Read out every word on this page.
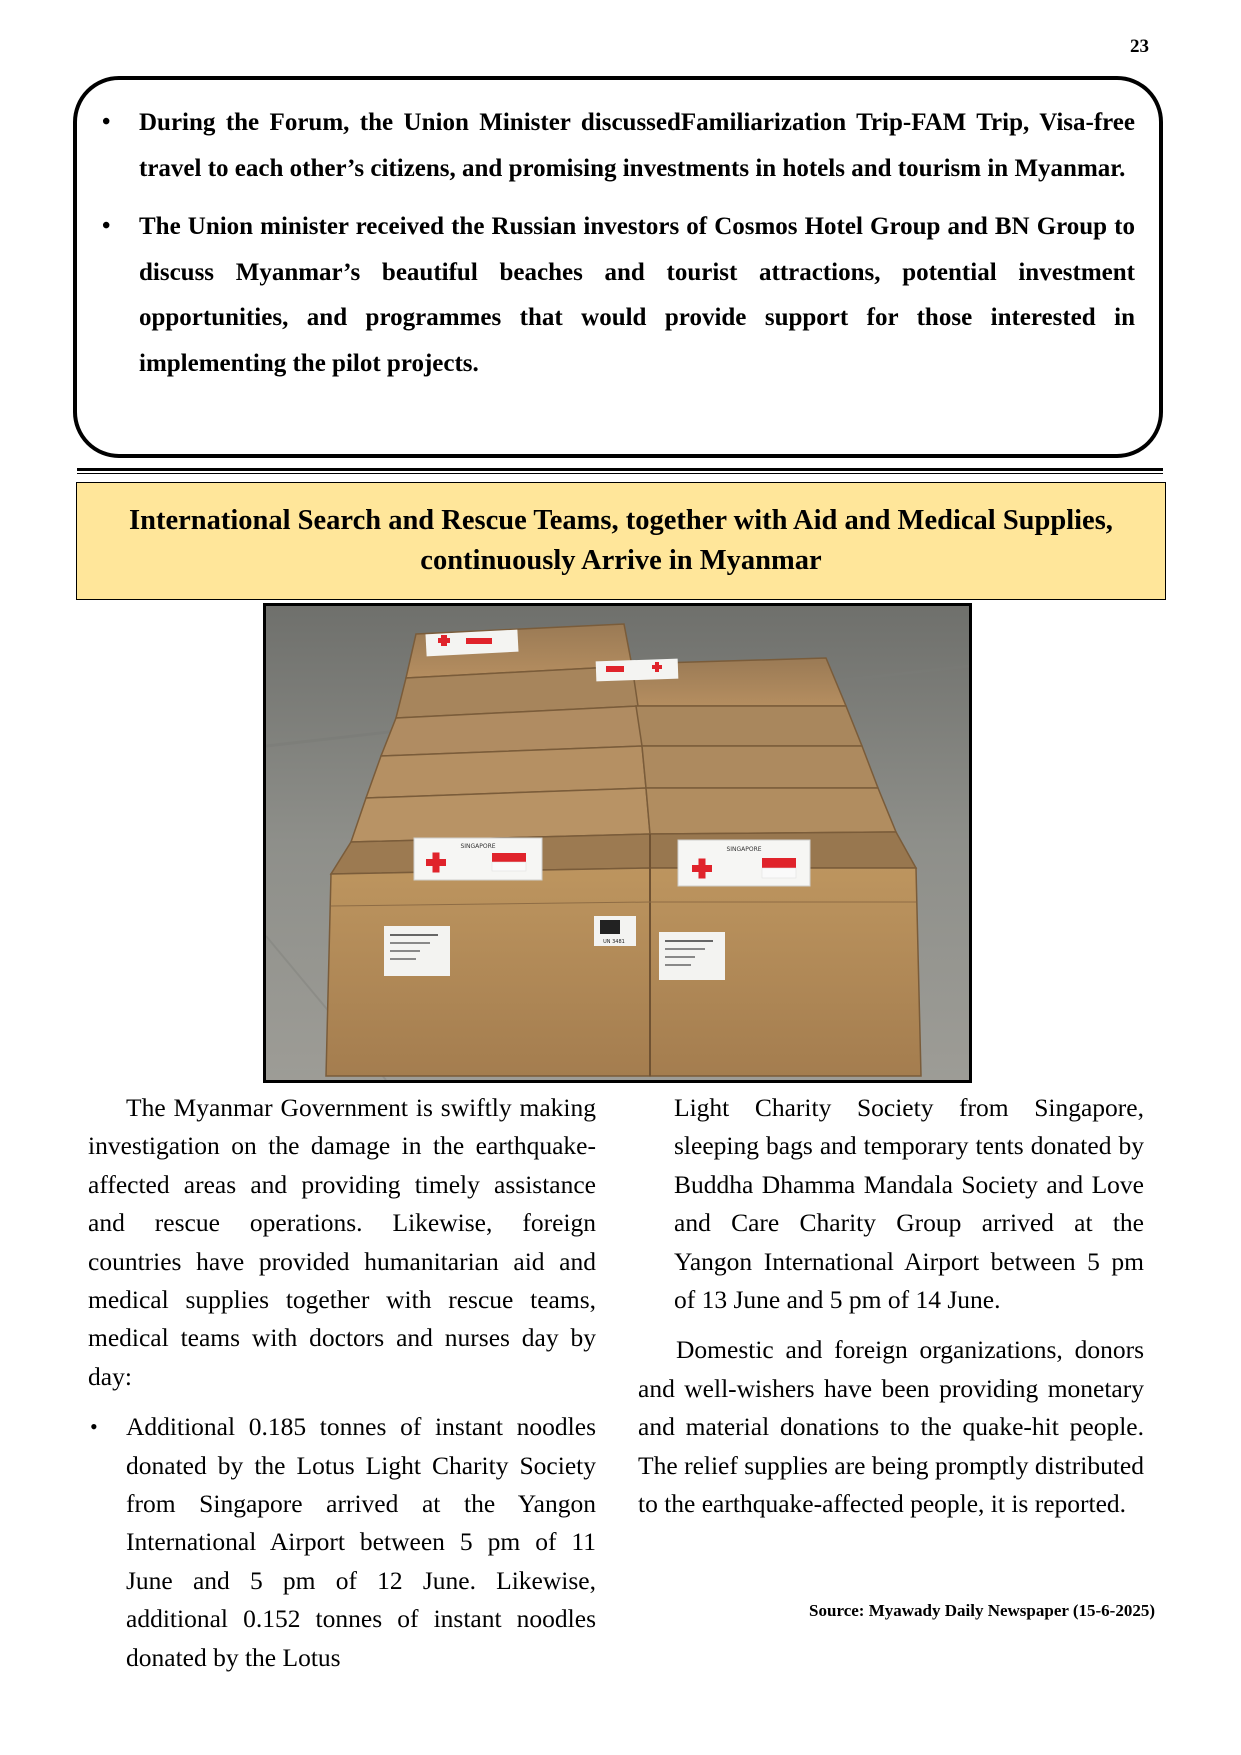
23
• During the Forum, the Union Minister discussedFamiliarization Trip-FAM Trip, Visa-free travel to each other’s citizens, and promising investments in hotels and tourism in Myanmar.
• The Union minister received the Russian investors of Cosmos Hotel Group and BN Group to discuss Myanmar’s beautiful beaches and tourist attractions, potential investment opportunities, and programmes that would provide support for those interested in implementing the pilot projects.
International Search and Rescue Teams, together with Aid and Medical Supplies,
continuously Arrive in Myanmar
SINGAPORE	SINGAPORE
UN 3481

The Myanmar Government is swiftly making investigation on the damage in the earthquake-affected areas and providing timely assistance and rescue operations. Likewise, foreign countries have provided humanitarian aid and medical supplies together with rescue teams, medical teams with doctors and nurses day by day:

• Additional 0.185 tonnes of instant noodles donated by the Lotus Light Charity Society from Singapore arrived at the Yangon International Airport between 5 pm of 11 June and 5 pm of 12 June. Likewise, additional 0.152 tonnes of instant noodles donated by the Lotus

Light Charity Society from Singapore, sleeping bags and temporary tents donated by Buddha Dhamma Mandala Society and Love and Care Charity Group arrived at the Yangon International Airport between 5 pm of 13 June and 5 pm of 14 June.

Domestic and foreign organizations, donors and well-wishers have been providing monetary and material donations to the quake-hit people. The relief supplies are being promptly distributed to the earthquake-affected people, it is reported.

Source: Myawady Daily Newspaper (15-6-2025)
